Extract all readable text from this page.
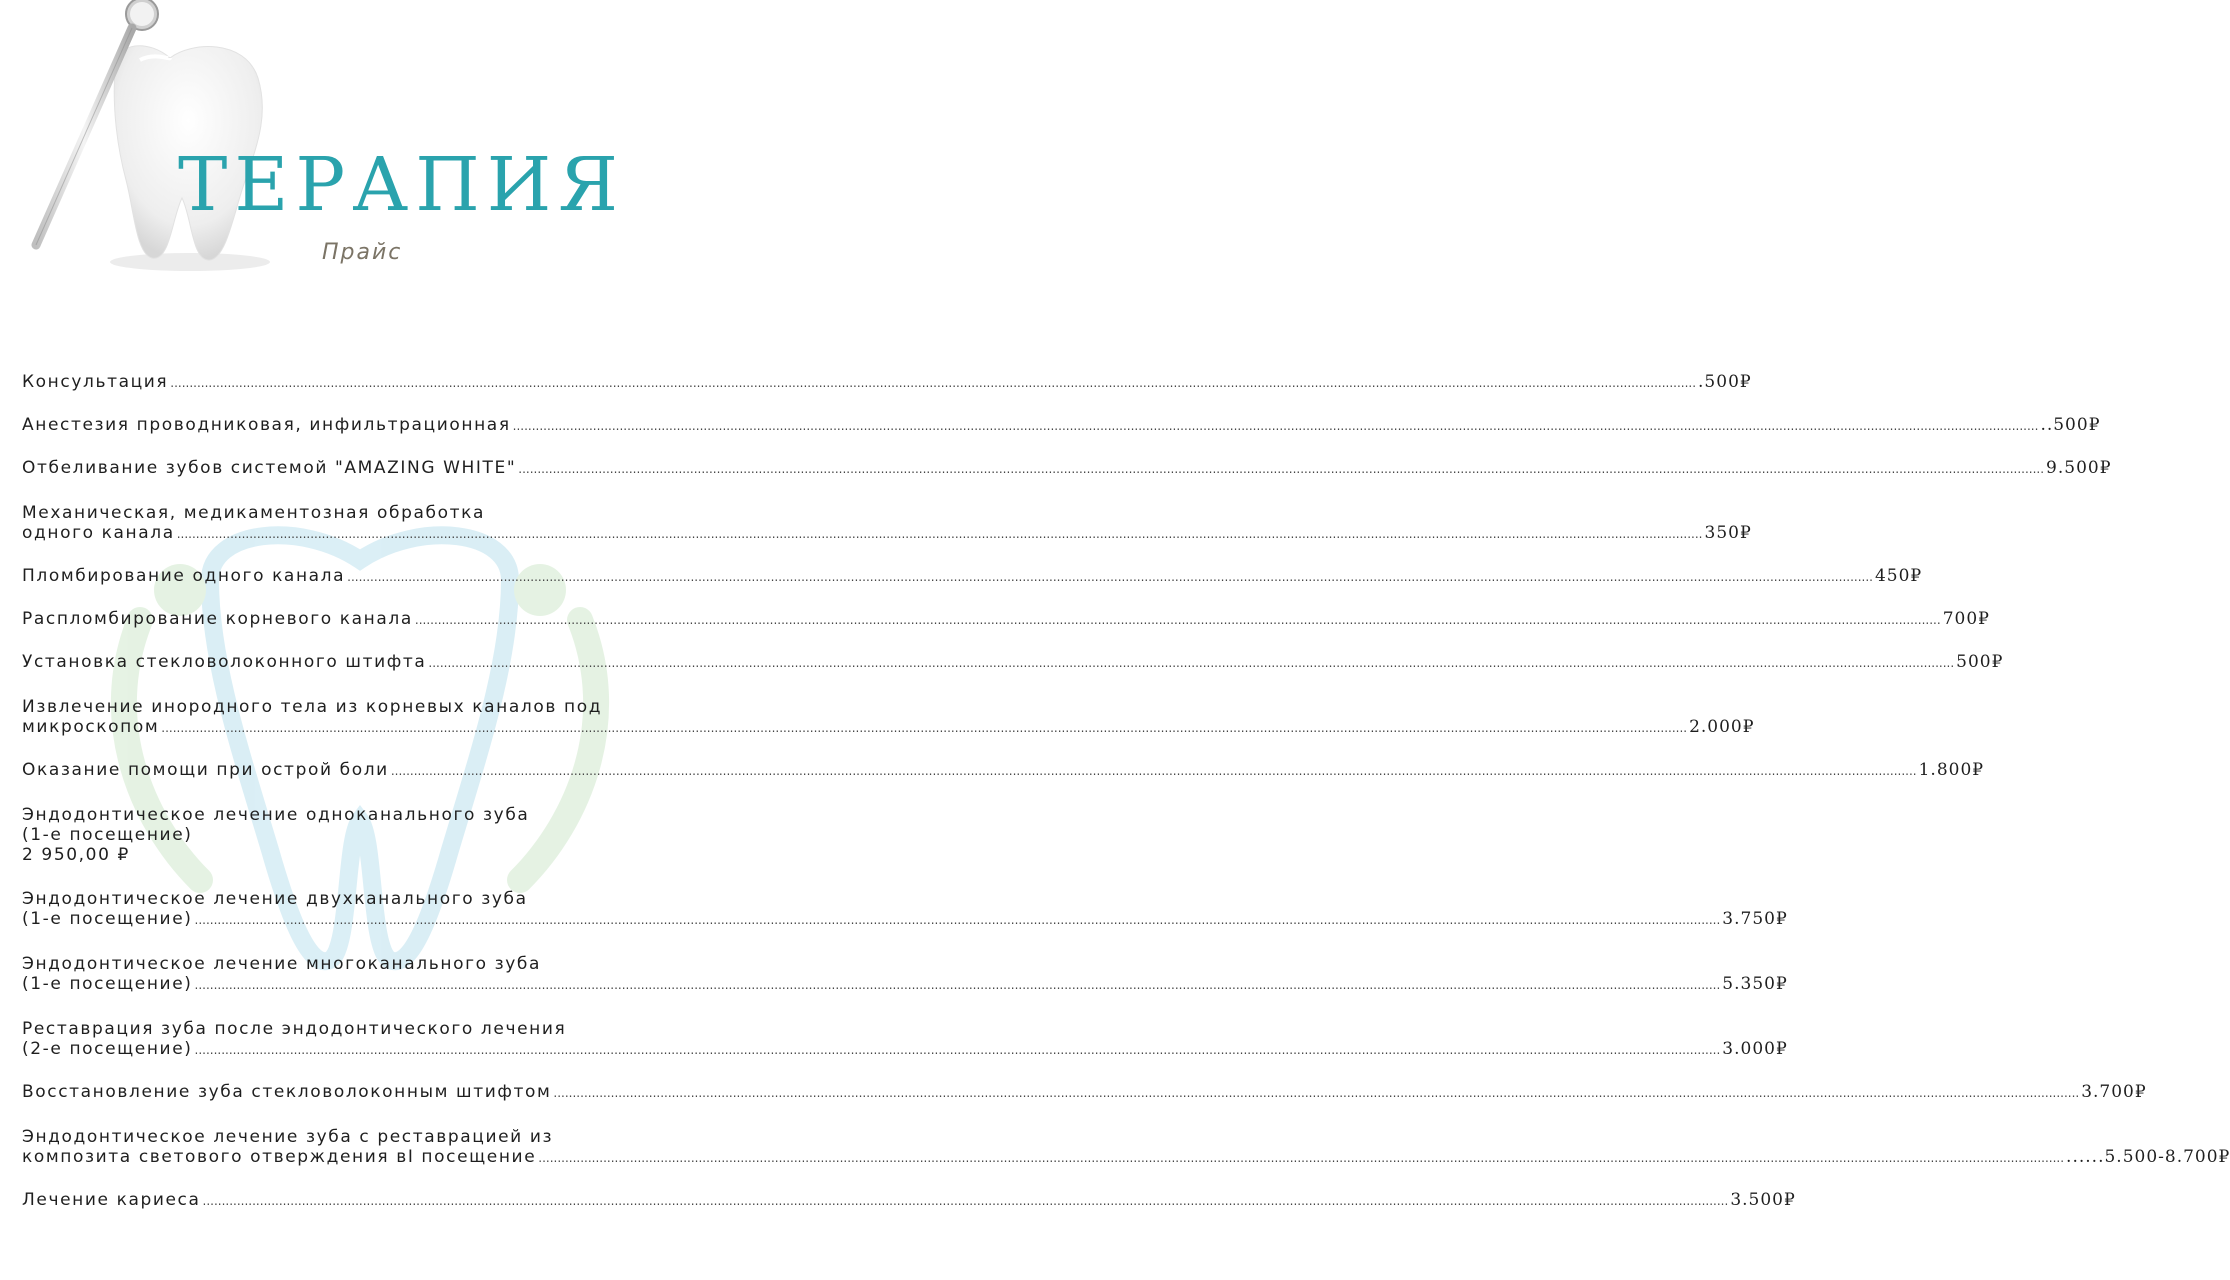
ТЕРАПИЯ
Прайс
Консультация ................................................................................................................................................................................................................................................................................................................................................................................................................ .500₽
Анестезия проводниковая, инфильтрационная ................................................................................................................................................................................................................................................................................................................................................................................................................ ..500₽
Отбеливание зубов системой "AMAZING WHITE" ................................................................................................................................................................................................................................................................................................................................................................................................................ 9.500₽
Механическая, медикаментозная обработка
одного канала ................................................................................................................................................................................................................................................................................................................................................................................................................ 350₽
Пломбирование одного канала ................................................................................................................................................................................................................................................................................................................................................................................................................ 450₽
Распломбирование корневого канала ................................................................................................................................................................................................................................................................................................................................................................................................................ 700₽
Установка стекловолоконного штифта ................................................................................................................................................................................................................................................................................................................................................................................................................ 500₽
Извлечение инородного тела из корневых каналов под
микроскопом ................................................................................................................................................................................................................................................................................................................................................................................................................ 2.000₽
Оказание помощи при острой боли ................................................................................................................................................................................................................................................................................................................................................................................................................ 1.800₽
Эндодонтическое лечение одноканального зуба
(1-е посещение)
2 950,00 ₽
Эндодонтическое лечение двухканального зуба
(1-е посещение) ................................................................................................................................................................................................................................................................................................................................................................................................................ 3.750₽
Эндодонтическое лечение многоканального зуба
(1-е посещение) ................................................................................................................................................................................................................................................................................................................................................................................................................ 5.350₽
Реставрация зуба после эндодонтического лечения
(2-е посещение) ................................................................................................................................................................................................................................................................................................................................................................................................................ 3.000₽
Восстановление зуба стекловолоконным штифтом ................................................................................................................................................................................................................................................................................................................................................................................................................ 3.700₽
Эндодонтическое лечение зуба с реставрацией из
композита светового отверждения вI посещение ................................................................................................................................................................................................................................................................................................................................................................................................................ ......5.500-8.700₽
Лечение кариеса ................................................................................................................................................................................................................................................................................................................................................................................................................ 3.500₽
